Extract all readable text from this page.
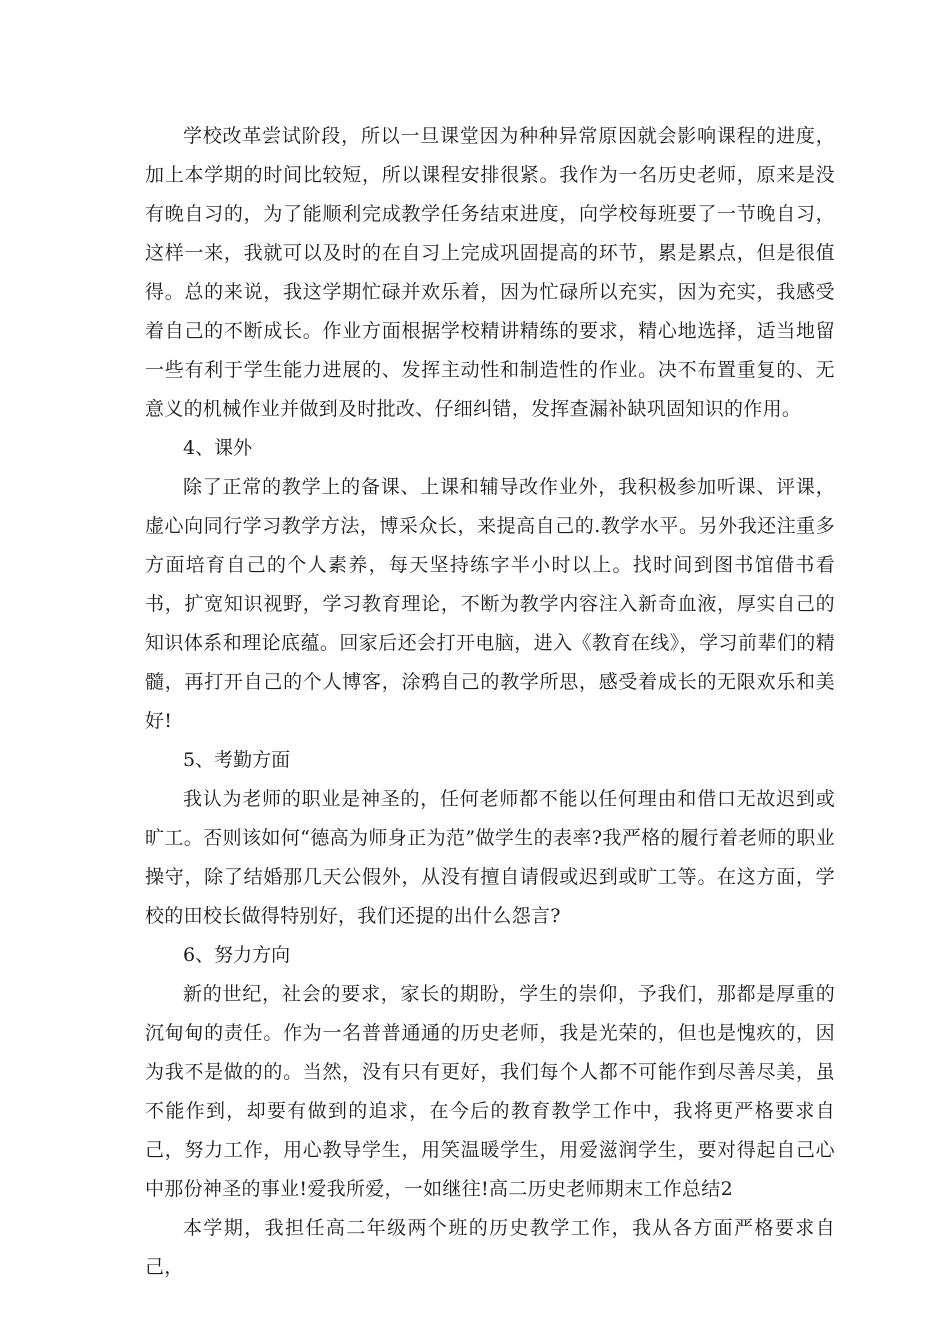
学校改革尝试阶段，所以一旦课堂因为种种异常原因就会影响课程的进度，加上本学期的时间比较短，所以课程安排很紧。我作为一名历史老师，原来是没有晚自习的，为了能顺利完成教学任务结束进度，向学校每班要了一节晚自习，这样一来，我就可以及时的在自习上完成巩固提高的环节，累是累点，但是很值得。总的来说，我这学期忙碌并欢乐着，因为忙碌所以充实，因为充实，我感受着自己的不断成长。作业方面根据学校精讲精练的要求，精心地选择，适当地留一些有利于学生能力进展的、发挥主动性和制造性的作业。决不布置重复的、无意义的机械作业并做到及时批改、仔细纠错，发挥查漏补缺巩固知识的作用。

4、课外

除了正常的教学上的备课、上课和辅导改作业外，我积极参加听课、评课，虚心向同行学习教学方法，博采众长，来提高自己的.教学水平。另外我还注重多方面培育自己的个人素养，每天坚持练字半小时以上。找时间到图书馆借书看书，扩宽知识视野，学习教育理论，不断为教学内容注入新奇血液，厚实自己的知识体系和理论底蕴。回家后还会打开电脑，进入《教育在线》，学习前辈们的精髓，再打开自己的个人博客，涂鸦自己的教学所思，感受着成长的无限欢乐和美好!

5、考勤方面

我认为老师的职业是神圣的，任何老师都不能以任何理由和借口无故迟到或旷工。否则该如何“德高为师身正为范”做学生的表率?我严格的履行着老师的职业操守，除了结婚那几天公假外，从没有擅自请假或迟到或旷工等。在这方面，学校的田校长做得特别好，我们还提的出什么怨言?

6、努力方向

新的世纪，社会的要求，家长的期盼，学生的崇仰，予我们，那都是厚重的沉甸甸的责任。作为一名普普通通的历史老师，我是光荣的，但也是愧疚的，因为我不是做的的。当然，没有只有更好，我们每个人都不可能作到尽善尽美，虽不能作到，却要有做到的追求，在今后的教育教学工作中，我将更严格要求自己，努力工作，用心教导学生，用笑温暖学生，用爱滋润学生，要对得起自己心中那份神圣的事业!爱我所爱，一如继往!高二历史老师期末工作总结2

本学期，我担任高二年级两个班的历史教学工作，我从各方面严格要求自己，
